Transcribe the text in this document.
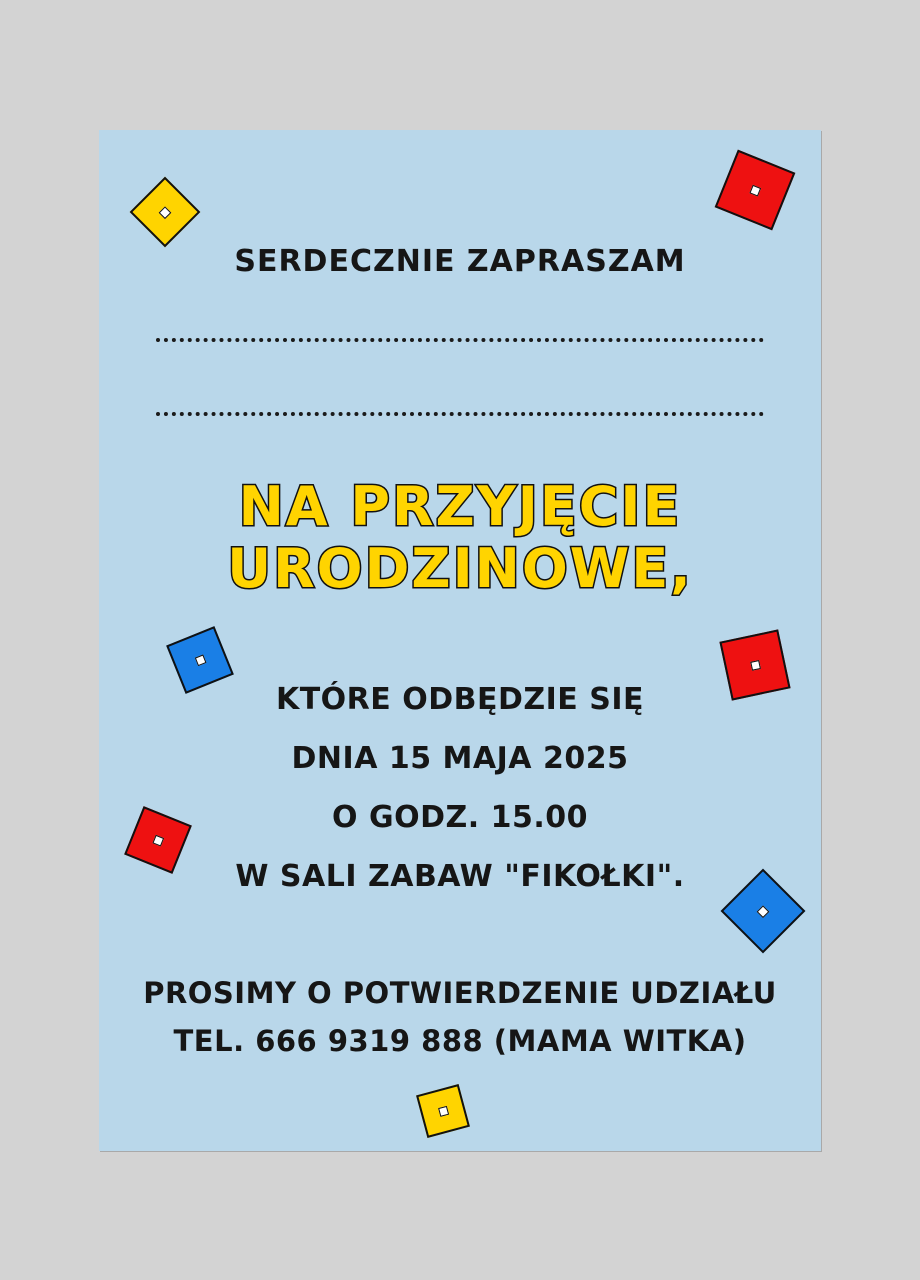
SERDECZNIE ZAPRASZAM
NA PRZYJĘCIE
URODZINOWE,
KTÓRE ODBĘDZIE SIĘ
DNIA 15 MAJA 2025
O GODZ. 15.00
W SALI ZABAW "FIKOŁKI".
PROSIMY O POTWIERDZENIE UDZIAŁU
TEL. 666 9319 888 (MAMA WITKA)
